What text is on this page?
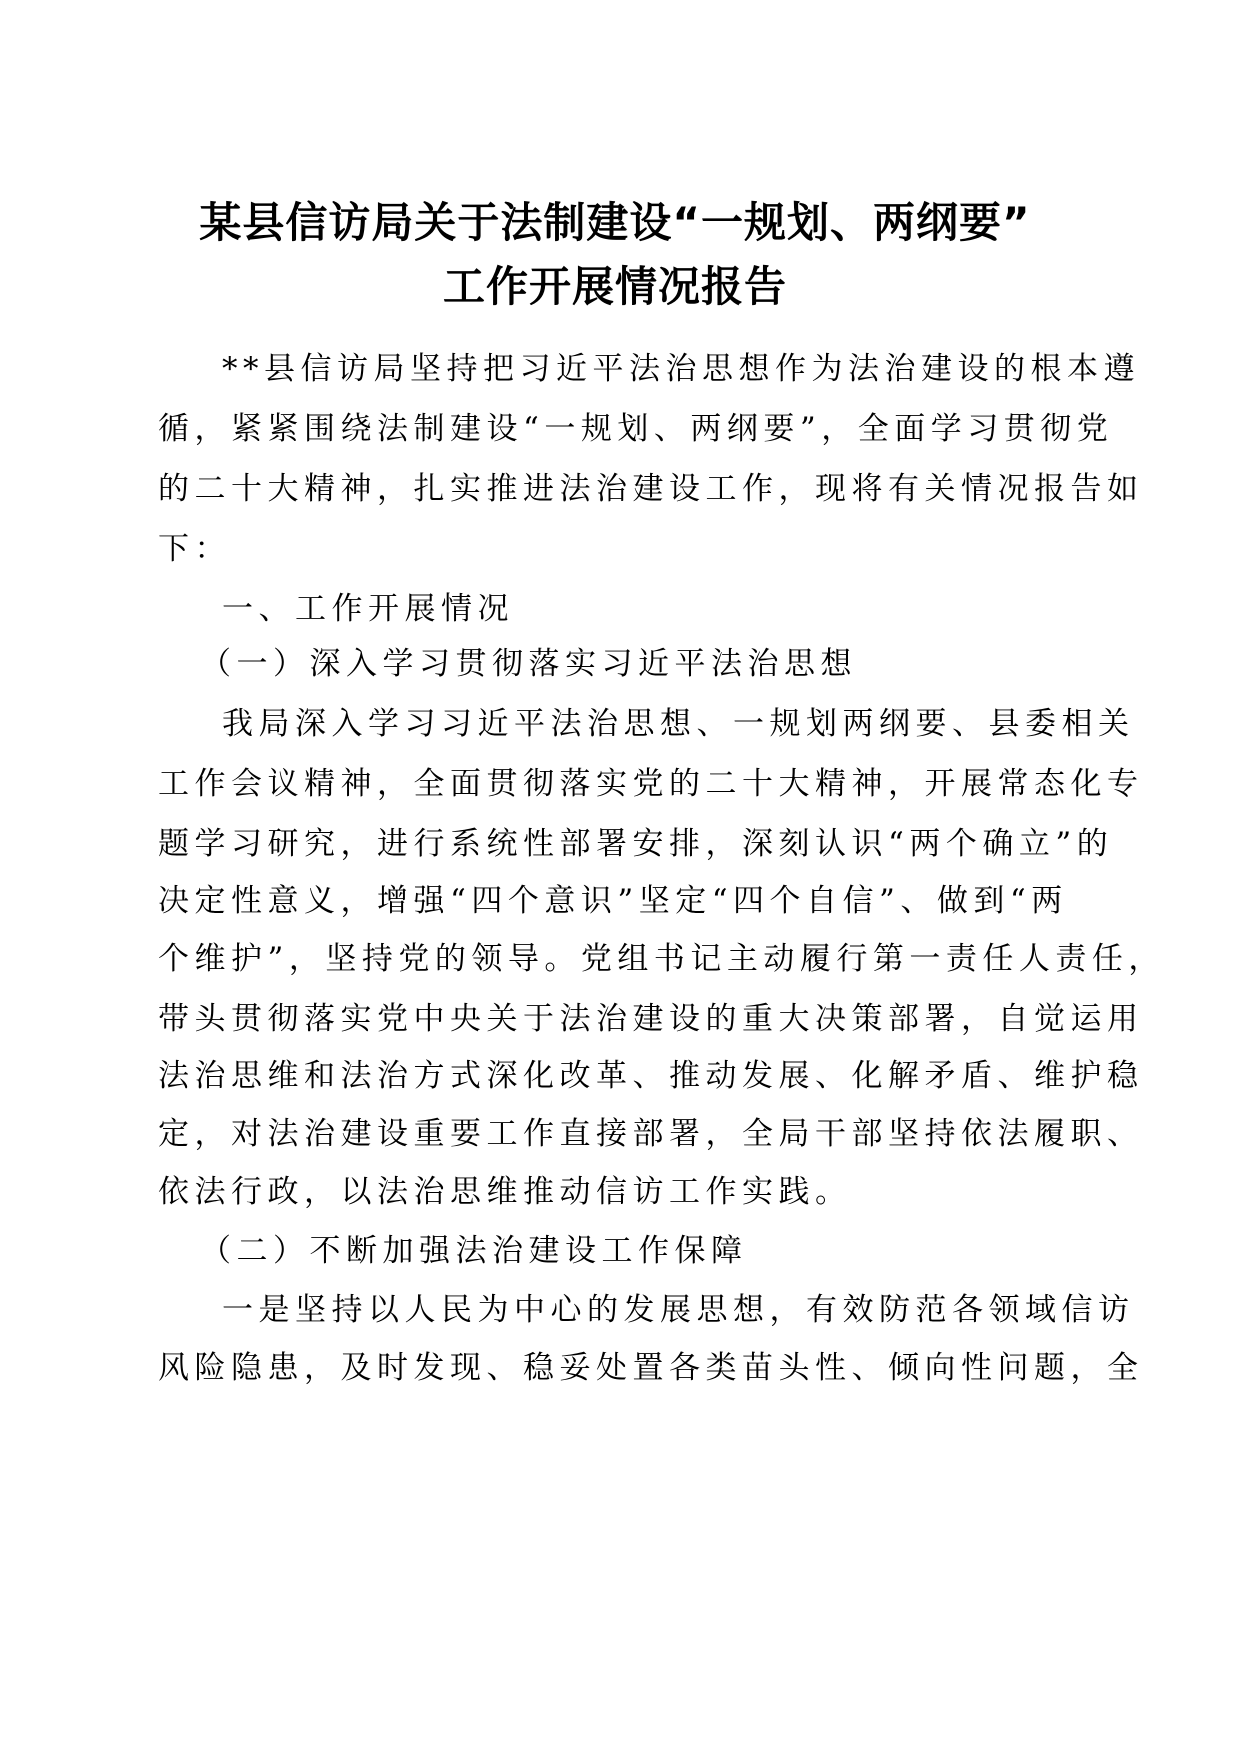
某县信访局关于法制建设“一规划、两纲要”
工作开展情况报告
**县信访局坚持把习近平法治思想作为法治建设的根本遵
循，紧紧围绕法制建设“一规划、两纲要”，全面学习贯彻党
的二十大精神，扎实推进法治建设工作，现将有关情况报告如
下：
一、工作开展情况
（一）深入学习贯彻落实习近平法治思想
我局深入学习习近平法治思想、一规划两纲要、县委相关
工作会议精神，全面贯彻落实党的二十大精神，开展常态化专
题学习研究，进行系统性部署安排，深刻认识“两个确立”的
决定性意义，增强“四个意识”坚定“四个自信”、做到“两
个维护”，坚持党的领导。党组书记主动履行第一责任人责任，
带头贯彻落实党中央关于法治建设的重大决策部署，自觉运用
法治思维和法治方式深化改革、推动发展、化解矛盾、维护稳
定，对法治建设重要工作直接部署，全局干部坚持依法履职、
依法行政，以法治思维推动信访工作实践。
（二）不断加强法治建设工作保障
一是坚持以人民为中心的发展思想，有效防范各领域信访
风险隐患，及时发现、稳妥处置各类苗头性、倾向性问题，全
